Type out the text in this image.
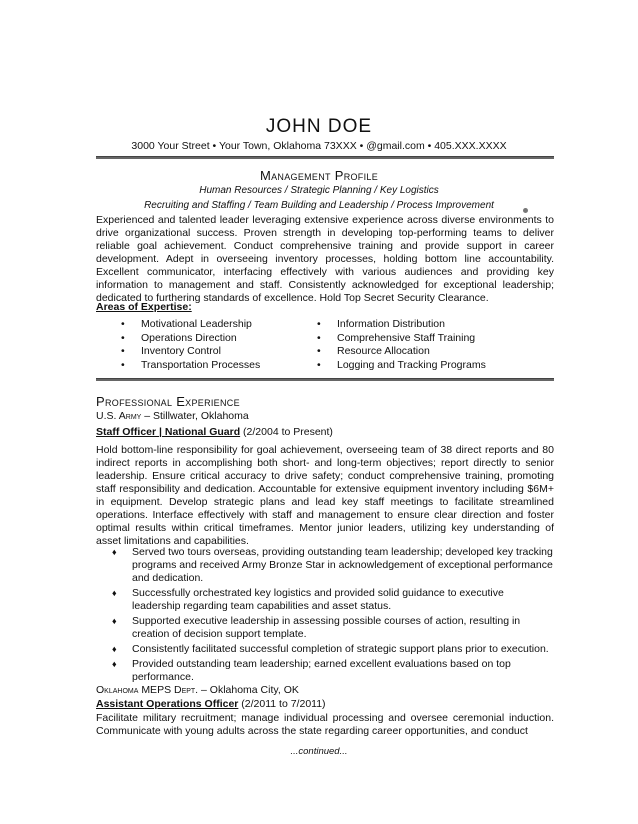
JOHN DOE
3000 Your Street • Your Town, Oklahoma 73XXX • @gmail.com • 405.XXX.XXXX
Management Profile
Human Resources / Strategic Planning / Key Logistics
Recruiting and Staffing / Team Building and Leadership / Process Improvement
Experienced and talented leader leveraging extensive experience across diverse environments to drive organizational success. Proven strength in developing top-performing teams to deliver reliable goal achievement. Conduct comprehensive training and provide support in career development. Adept in overseeing inventory processes, holding bottom line accountability. Excellent communicator, interfacing effectively with various audiences and providing key information to management and staff. Consistently acknowledged for exceptional leadership; dedicated to furthering standards of excellence. Hold Top Secret Security Clearance.
Areas of Expertise:
• Motivational Leadership
• Operations Direction
• Inventory Control
• Transportation Processes
• Information Distribution
• Comprehensive Staff Training
• Resource Allocation
• Logging and Tracking Programs
Professional Experience
U.S. Army – Stillwater, Oklahoma
Staff Officer | National Guard (2/2004 to Present)
Hold bottom-line responsibility for goal achievement, overseeing team of 38 direct reports and 80 indirect reports in accomplishing both short- and long-term objectives; report directly to senior leadership. Ensure critical accuracy to drive safety; conduct comprehensive training, promoting staff responsibility and dedication. Accountable for extensive equipment inventory including $6M+ in equipment. Develop strategic plans and lead key staff meetings to facilitate streamlined operations. Interface effectively with staff and management to ensure clear direction and foster optimal results within critical timeframes. Mentor junior leaders, utilizing key understanding of asset limitations and capabilities.
♦ Served two tours overseas, providing outstanding team leadership; developed key tracking programs and received Army Bronze Star in acknowledgement of exceptional performance and dedication.
♦ Successfully orchestrated key logistics and provided solid guidance to executive leadership regarding team capabilities and asset status.
♦ Supported executive leadership in assessing possible courses of action, resulting in creation of decision support template.
♦ Consistently facilitated successful completion of strategic support plans prior to execution.
♦ Provided outstanding team leadership; earned excellent evaluations based on top performance.
Oklahoma MEPS Dept. – Oklahoma City, OK
Assistant Operations Officer (2/2011 to 7/2011)
Facilitate military recruitment; manage individual processing and oversee ceremonial induction. Communicate with young adults across the state regarding career opportunities, and conduct
...continued...
